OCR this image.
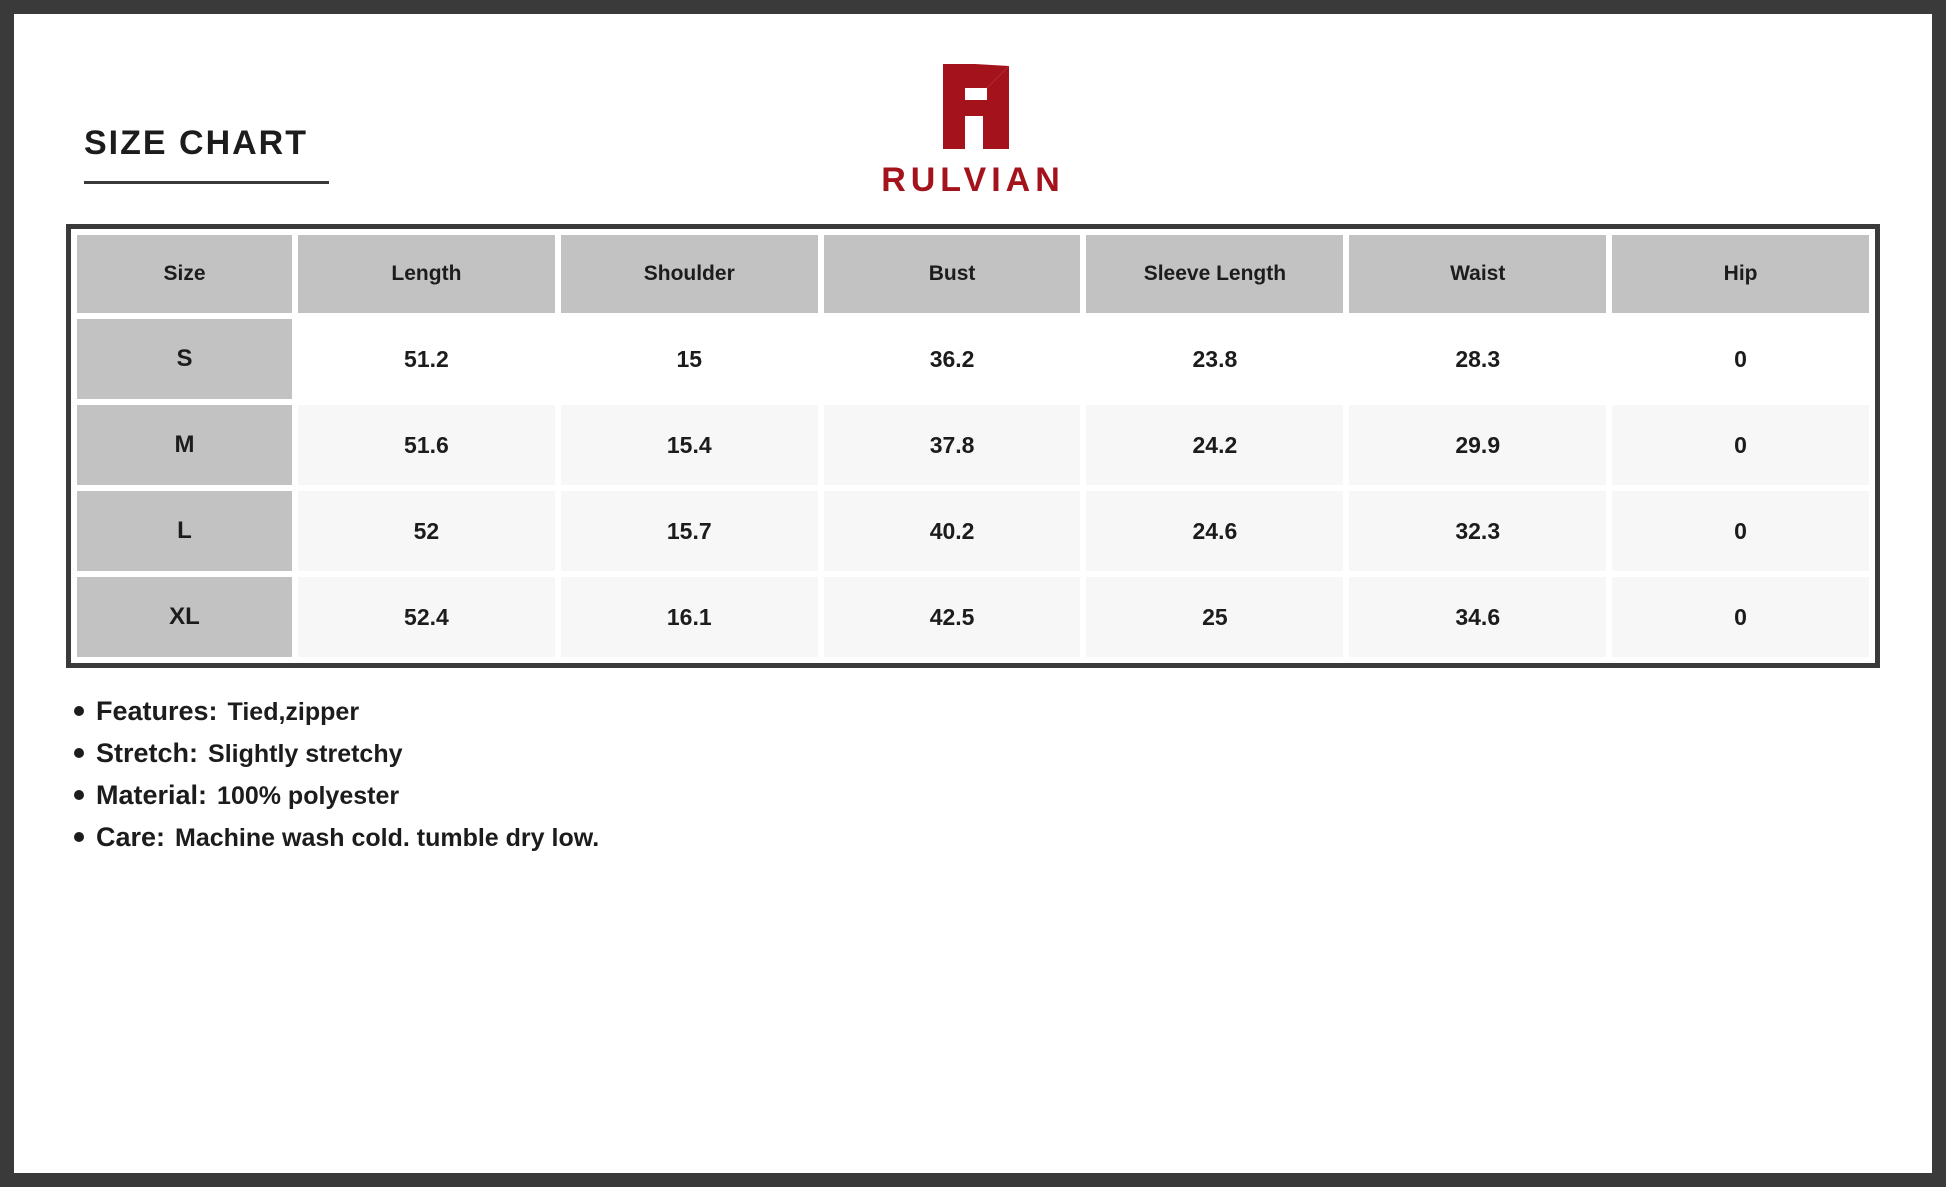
SIZE CHART
RULVIAN
Size	Length	Shoulder	Bust	Sleeve Length	Waist	Hip
S	51.2	15	36.2	23.8	28.3	0
M	51.6	15.4	37.8	24.2	29.9	0
L	52	15.7	40.2	24.6	32.3	0
XL	52.4	16.1	42.5	25	34.6	0
Features: Tied,zipper
Stretch: Slightly stretchy
Material: 100% polyester
Care: Machine wash cold. tumble dry low.
